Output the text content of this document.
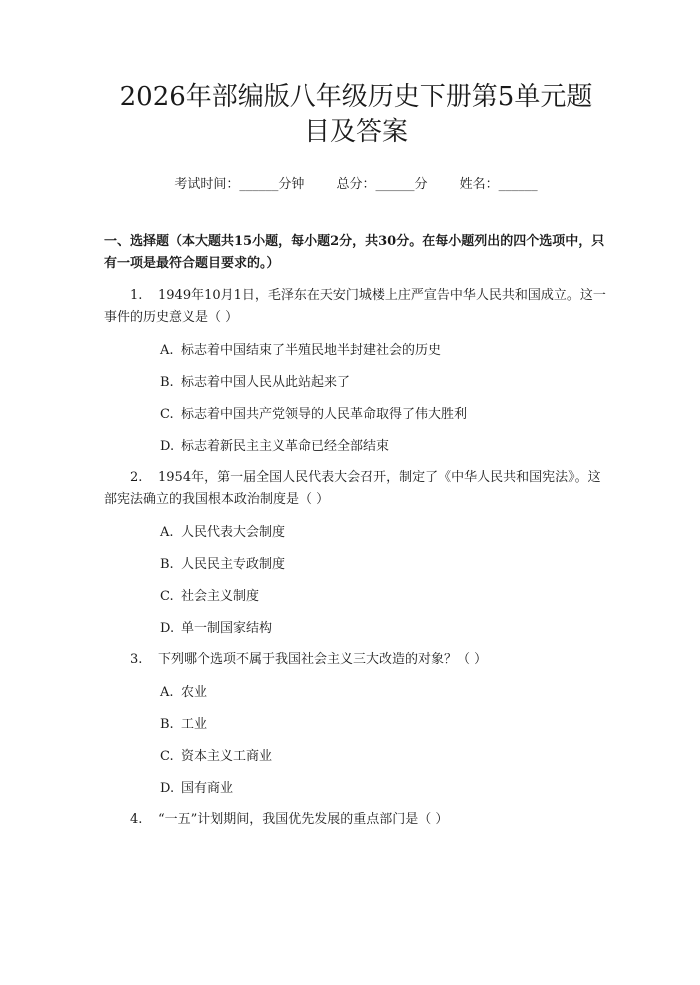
2026年部编版八年级历史下册第5单元题目及答案
考试时间：______分钟 总分：______分 姓名：______
一、选择题（本大题共15小题，每小题2分，共30分。在每小题列出的四个选项中，只有一项是最符合题目要求的。）
1. 1949年10月1日，毛泽东在天安门城楼上庄严宣告中华人民共和国成立。这一事件的历史意义是（ ）
A. 标志着中国结束了半殖民地半封建社会的历史
B. 标志着中国人民从此站起来了
C. 标志着中国共产党领导的人民革命取得了伟大胜利
D. 标志着新民主主义革命已经全部结束
2. 1954年，第一届全国人民代表大会召开，制定了《中华人民共和国宪法》。这部宪法确立的我国根本政治制度是（ ）
A. 人民代表大会制度
B. 人民民主专政制度
C. 社会主义制度
D. 单一制国家结构
3. 下列哪个选项不属于我国社会主义三大改造的对象？（ ）
A. 农业
B. 工业
C. 资本主义工商业
D. 国有商业
4. “一五”计划期间，我国优先发展的重点部门是（ ）
